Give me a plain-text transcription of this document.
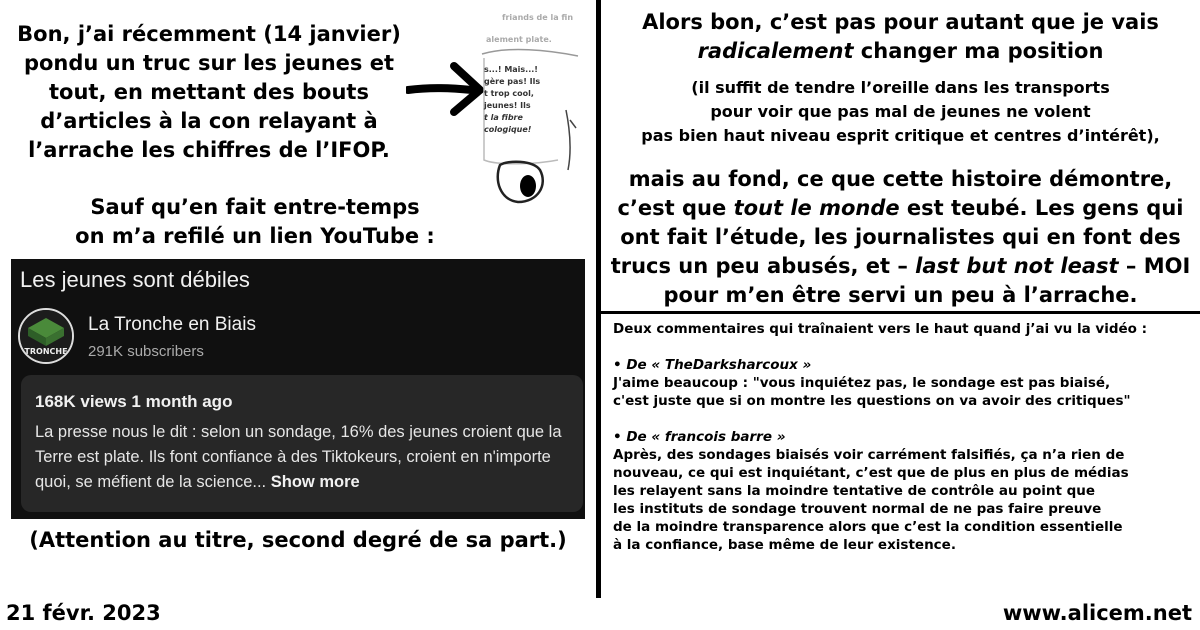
Bon, j’ai récemment (14 janvier)
pondu un truc sur les jeunes et
tout, en mettant des bouts
d’articles à la con relayant à
l’arrache les chiffres de l’IFOP.
friands de la fin
alement plate.
s...! Mais...!
gère pas! Ils
t trop cool,
jeunes! Ils
t la fibre
cologique!
Sauf qu’en fait entre-temps
on m’a refilé un lien YouTube :
Les jeunes sont débiles
TRONCHE
La Tronche en Biais
291K subscribers
168K views 1 month ago
La presse nous le dit : selon un sondage, 16% des jeunes croient que la Terre est plate. Ils font confiance à des Tiktokeurs, croient en n'importe quoi, se méfient de la science... Show more
(Attention au titre, second degré de sa part.)
Alors bon, c’est pas pour autant que je vais
radicalement changer ma position
(il suffit de tendre l’oreille dans les transports
pour voir que pas mal de jeunes ne volent
pas bien haut niveau esprit critique et centres d’intérêt),
mais au fond, ce que cette histoire démontre,
c’est que tout le monde est teubé. Les gens qui
ont fait l’étude, les journalistes qui en font des
trucs un peu abusés, et – last but not least – MOI
pour m’en être servi un peu à l’arrache.

Deux commentaires qui traînaient vers le haut quand j’ai vu la vidéo :

• De « TheDarksharcoux »

J'aime beaucoup : "vous inquiétez pas, le sondage est pas biaisé,

c'est juste que si on montre les questions on va avoir des critiques"

• De « francois barre »

Après, des sondages biaisés voir carrément falsifiés, ça n’a rien de

nouveau, ce qui est inquiétant, c’est que de plus en plus de médias

les relayent sans la moindre tentative de contrôle au point que

les instituts de sondage trouvent normal de ne pas faire preuve

de la moindre transparence alors que c’est la condition essentielle

à la confiance, base même de leur existence.

21 févr. 2023	www.alicem.net
